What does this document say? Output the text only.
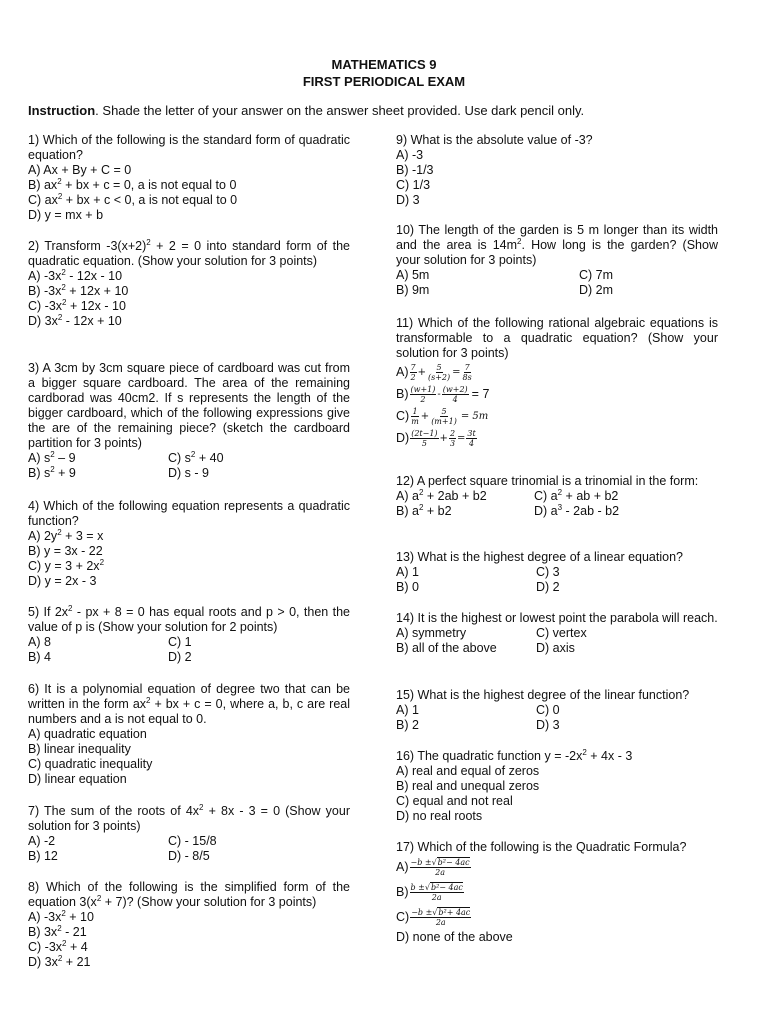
MATHEMATICS 9
FIRST PERIODICAL EXAM
Instruction. Shade the letter of your answer on the answer sheet provided. Use dark pencil only.
1) Which of the following is the standard form of quadratic equation?
A) Ax + By + C = 0
B) $ax^2$ + bx + c = 0, a is not equal to 0
C) $ax^2$ + bx + c < 0, a is not equal to 0
D) y = mx + b
2) Transform $-3(x+2)^2 + 2 = 0$ into standard form of the quadratic equation. (Show your solution for 3 points)
A) $-3x^2 - 12x - 10$
B) $-3x^2 + 12x + 10$
C) $-3x^2 + 12x - 10$
D) $3x^2 - 12x + 10$
3) A 3cm by 3cm square piece of cardboard was cut from a bigger square cardboard. The area of the remaining cardborad was 40cm2. If s represents the length of the bigger cardboard, which of the following expressions give the are of the remaining piece? (sketch the cardboard partition for 3 points)
A) $s^2 - 9$	C) $s^2 + 40$
B) $s^2 + 9$	D) s - 9
4) Which of the following equation represents a quadratic function?
A) $2y^2 + 3 = x$
B) y = 3x - 22
C) $y = 3 + 2x^2$
D) y = 2x - 3
5) If $2x^2$ - px + 8 = 0 has equal roots and p > 0, then the value of p is (Show your solution for 2 points)
A) 8	C) 1
B) 4	D) 2
6) It is a polynomial equation of degree two that can be written in the form $ax^2$ + bx + c = 0, where a, b, c are real numbers and a is not equal to 0.
A) quadratic equation
B) linear inequality
C) quadratic inequality
D) linear equation
7) The sum of the roots of $4x^2 + 8x - 3 = 0$ (Show your solution for 3 points)
A) -2	C) - 15/8
B) 12	D) - 8/5
8) Which of the following is the simplified form of the equation $3(x^2 + 7)$? (Show your solution for 3 points)
A) $-3x^2 + 10$
B) $3x^2 - 21$
C) $-3x^2 + 4$
D) $3x^2 + 21$
9) What is the absolute value of -3?
A) -3
B) -1/3
C) 1/3
D) 3
10) The length of the garden is 5 m longer than its width and the area is $14m^2$. How long is the garden? (Show your solution for 3 points)
A) 5m	C) 7m
B) 9m	D) 2m
11) Which of the following rational algebraic equations is transformable to a quadratic equation? (Show your solution for 3 points)
$A) \frac{7}{2} + \frac{5}{(s+2)} = \frac{7}{8s}$
$B) \frac{(w+1)}{2} - \frac{(w+2)}{4} = 7$
$C) \frac{1}{m} + \frac{5}{(m+1)} = 5m$
$D) \frac{(2t-1)}{5} + \frac{2}{3} = \frac{3t}{4}$
12) A perfect square trinomial is a trinomial in the form:
A) $a^2 + 2ab + b2$	C) $a^2$ + ab + b2
B) $a^2 + b2$	D) $a^3 - 2ab - b2$
13) What is the highest degree of a linear equation?
A) 1	C) 3
B) 0	D) 2
14) It is the highest or lowest point the parabola will reach.
A) symmetry	C) vertex
B) all of the above	D) axis
15) What is the highest degree of the linear function?
A) 1	C) 0
B) 2	D) 3
16) The quadratic function $y = -2x^2 + 4x - 3$
A) real and equal of zeros
B) real and unequal zeros
C) equal and not real
D) no real roots
17) Which of the following is the Quadratic Formula?
$A) \frac{\text{−b ±√b²− 4ac}}{2a}$
$B) \frac{\text{b ±√b²− 4ac}}{2a}$
$C) \frac{\text{−b ±√b²+ 4ac}}{2a}$
D) none of the above
